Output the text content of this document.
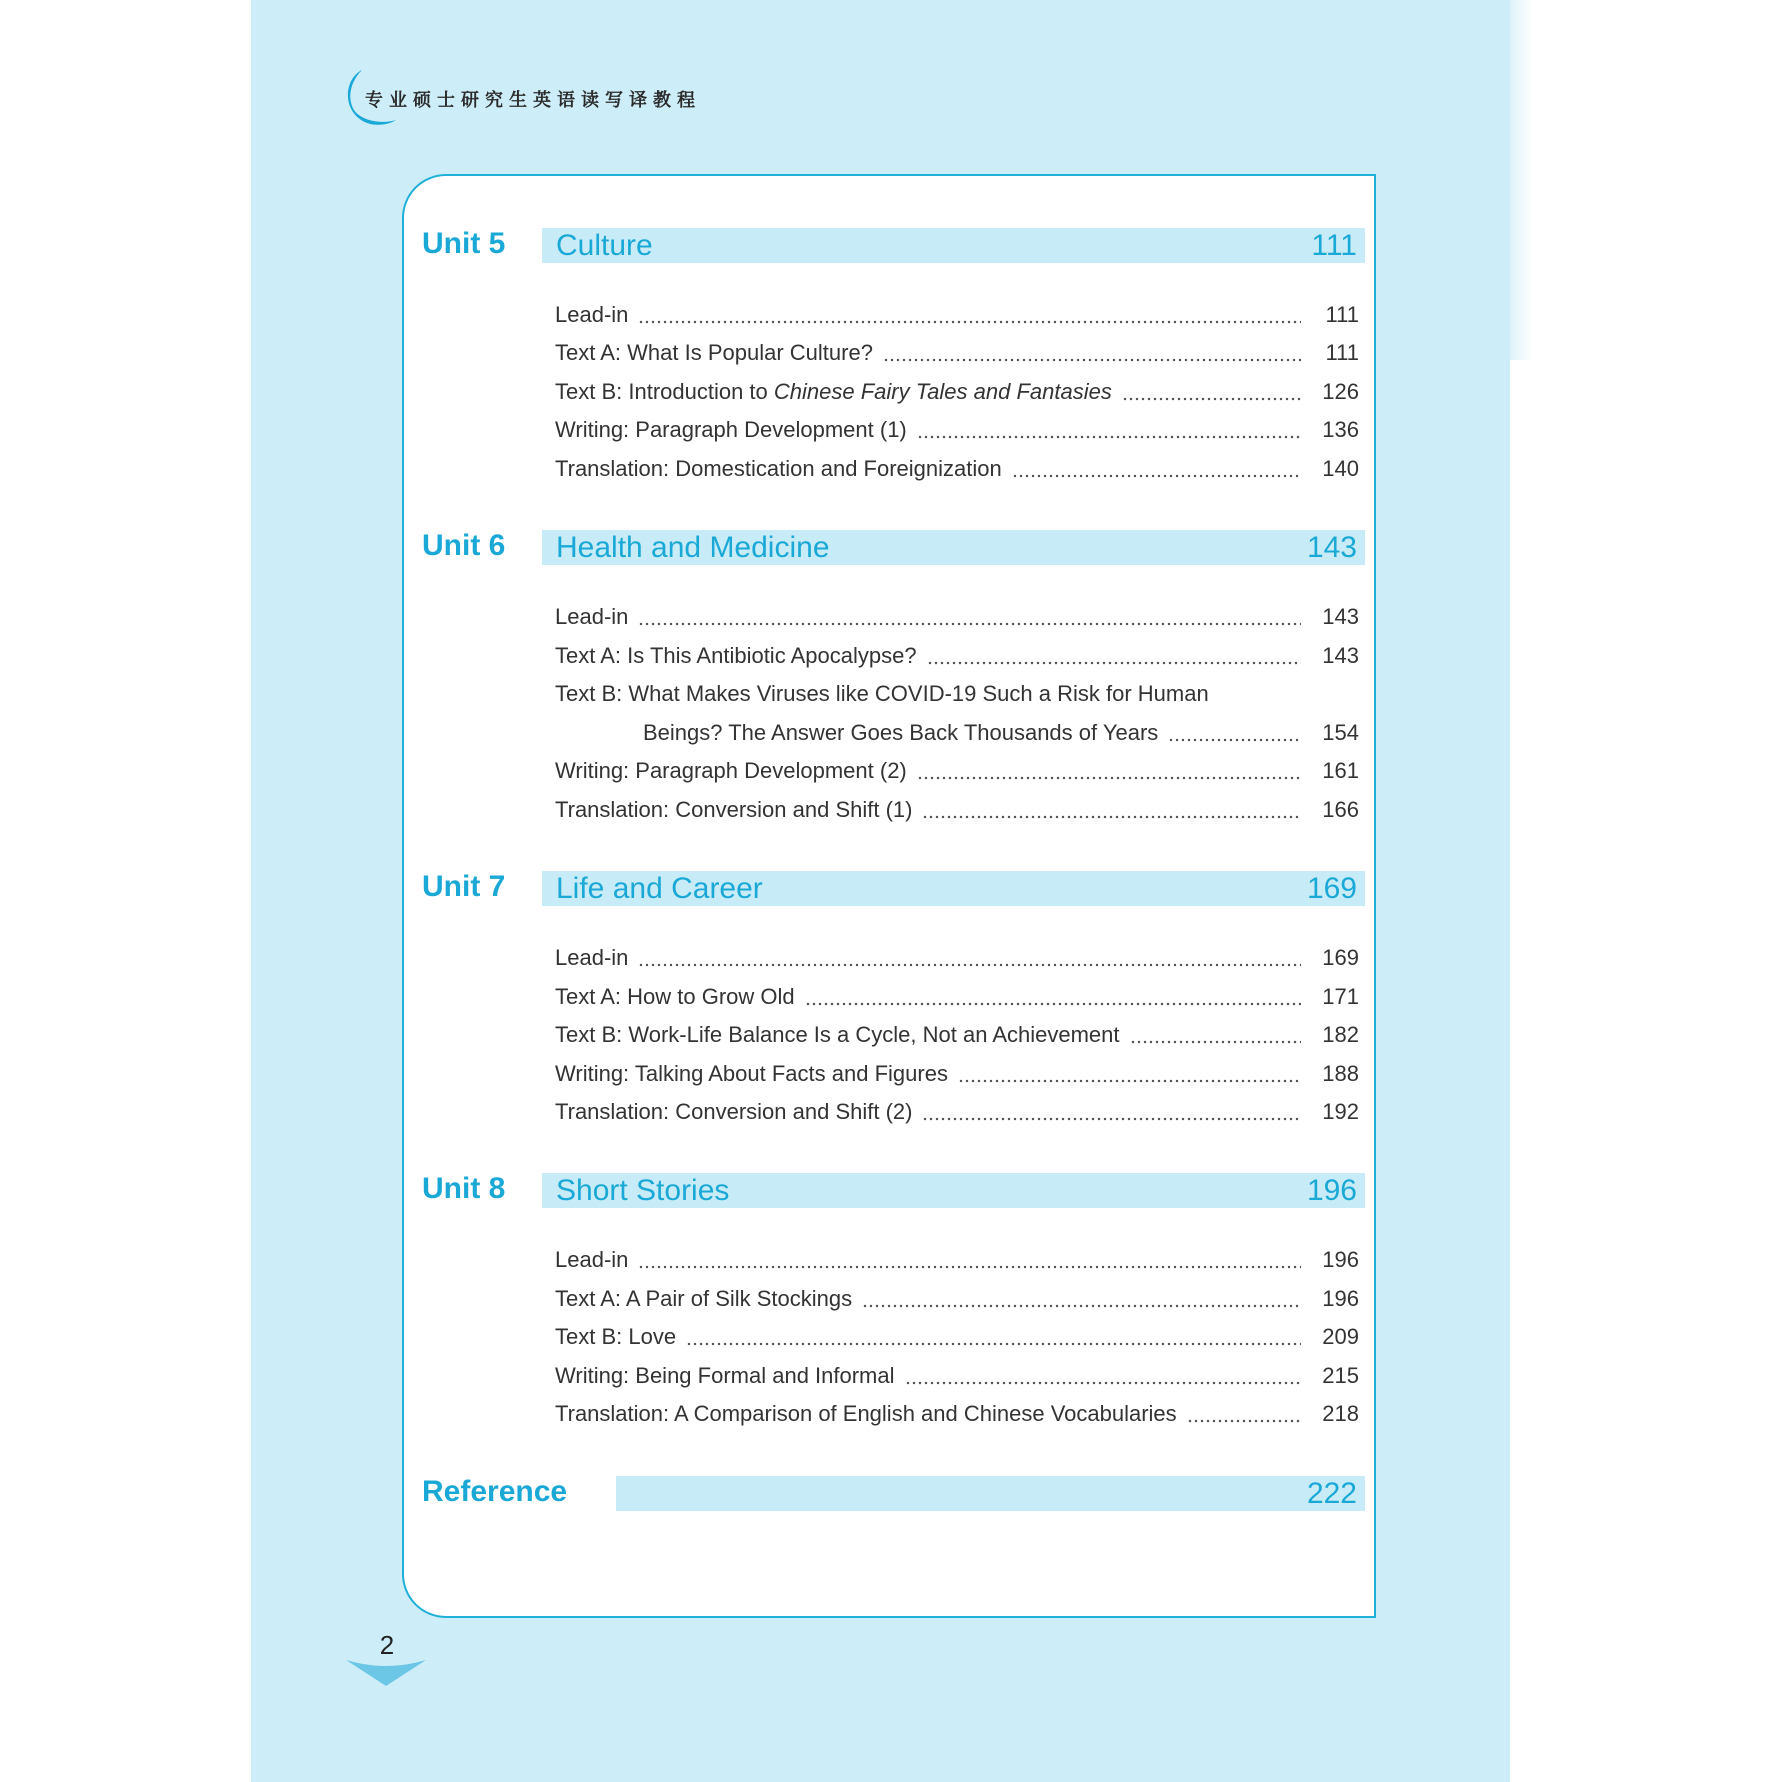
专业硕士研究生英语读写译教程
Unit 5 Culture	111
Lead-in	111
Text A: What Is Popular Culture?	111
Text B: Introduction to Chinese Fairy Tales and Fantasies	126
Writing: Paragraph Development (1)	136
Translation: Domestication and Foreignization	140
Unit 6 Health and Medicine	143
Lead-in	143
Text A: Is This Antibiotic Apocalypse?	143
Text B: What Makes Viruses like COVID-19 Such a Risk for Human
Beings? The Answer Goes Back Thousands of Years	154
Writing: Paragraph Development (2)	161
Translation: Conversion and Shift (1)	166
Unit 7 Life and Career	169
Lead-in	169
Text A: How to Grow Old	171
Text B: Work-Life Balance Is a Cycle, Not an Achievement	182
Writing: Talking About Facts and Figures	188
Translation: Conversion and Shift (2)	192
Unit 8 Short Stories	196
Lead-in	196
Text A: A Pair of Silk Stockings	196
Text B: Love	209
Writing: Being Formal and Informal	215
Translation: A Comparison of English and Chinese Vocabularies	218
Reference	222
2
